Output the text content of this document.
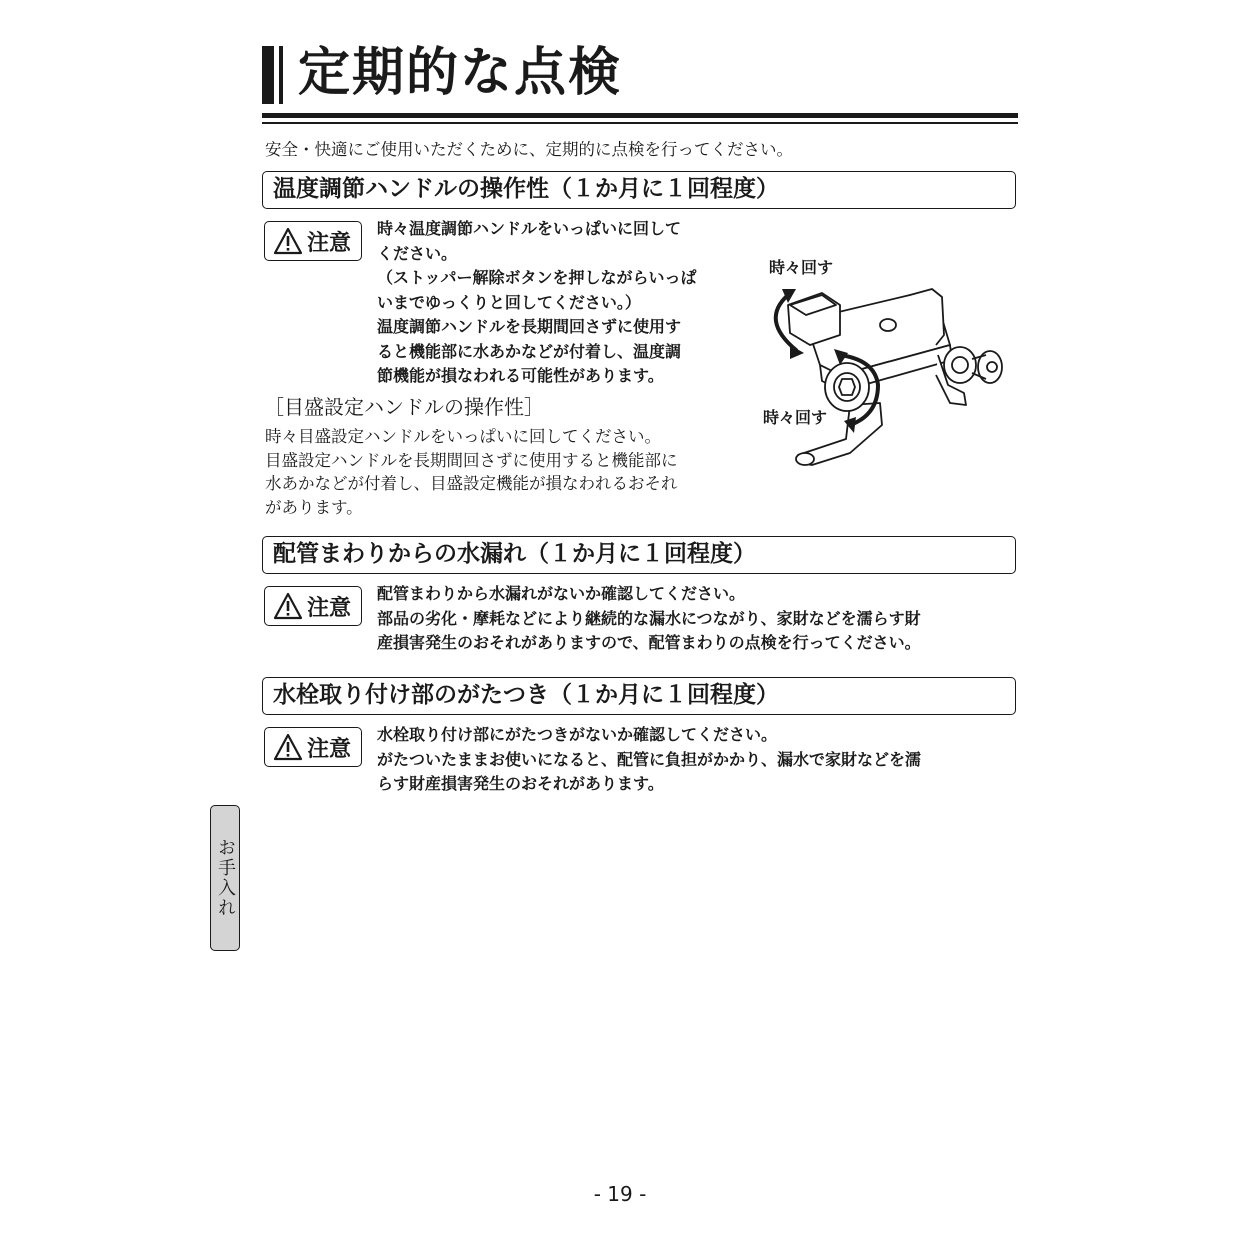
定期的な点検
安全・快適にご使用いただくために、定期的に点検を行ってください。
温度調節ハンドルの操作性（１か月に１回程度）
注意
時々温度調節ハンドルをいっぱいに回して
ください。
（ストッパー解除ボタンを押しながらいっぱ
いまでゆっくりと回してください。）
温度調節ハンドルを長期間回さずに使用す
ると機能部に水あかなどが付着し、温度調
節機能が損なわれる可能性があります。
［目盛設定ハンドルの操作性］
時々目盛設定ハンドルをいっぱいに回してください。
目盛設定ハンドルを長期間回さずに使用すると機能部に
水あかなどが付着し、目盛設定機能が損なわれるおそれ
があります。
時々回す
時々回す
配管まわりからの水漏れ（１か月に１回程度）
注意
配管まわりから水漏れがないか確認してください。
部品の劣化・摩耗などにより継続的な漏水につながり、家財などを濡らす財
産損害発生のおそれがありますので、配管まわりの点検を行ってください。
水栓取り付け部のがたつき（１か月に１回程度）
注意
水栓取り付け部にがたつきがないか確認してください。
がたついたままお使いになると、配管に負担がかかり、漏水で家財などを濡
らす財産損害発生のおそれがあります。
お手入れ
- 19 -
